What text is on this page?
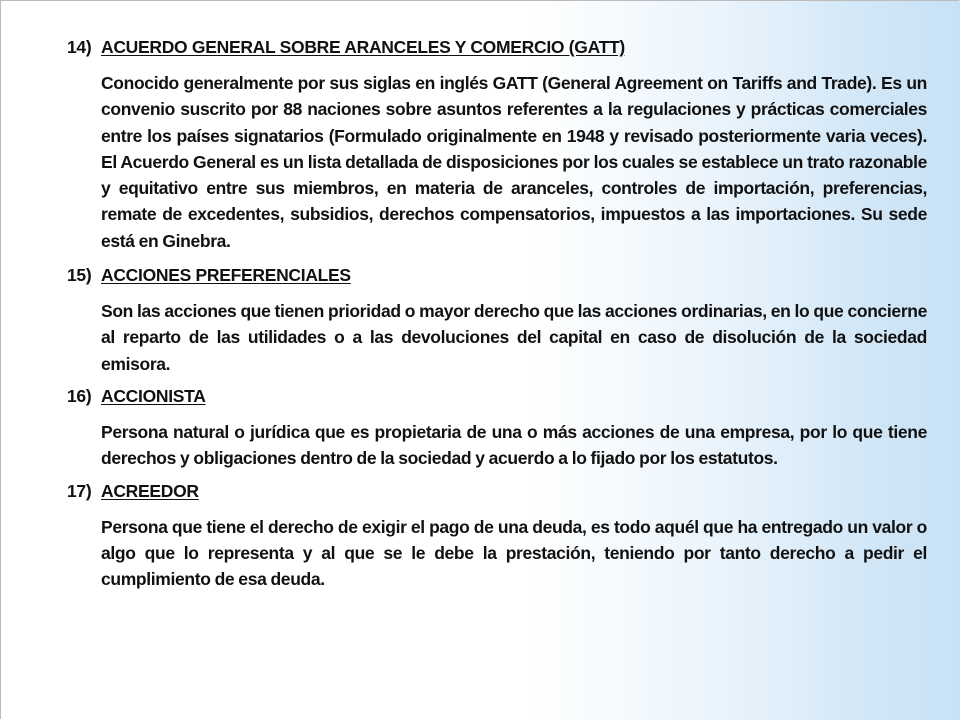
14) ACUERDO GENERAL SOBRE ARANCELES Y COMERCIO (GATT)
Conocido generalmente por sus siglas en inglés GATT (General Agreement on Tariffs and Trade). Es un convenio suscrito por 88 naciones sobre asuntos referentes a la regulaciones y prácticas comerciales entre los países signatarios (Formulado originalmente en 1948 y revisado posteriormente varia veces). El Acuerdo General es un lista detallada de disposiciones por los cuales se establece un trato razonable y equitativo entre sus miembros, en materia de aranceles, controles de importación, preferencias, remate de excedentes, subsidios, derechos compensatorios, impuestos a las importaciones. Su sede está en Ginebra.
15) ACCIONES PREFERENCIALES
Son las acciones que tienen prioridad o mayor derecho que las acciones ordinarias, en lo que concierne al reparto de las utilidades o a las devoluciones del capital en caso de disolución de la sociedad emisora.
16) ACCIONISTA
Persona natural o jurídica que es propietaria de una o más acciones de una empresa, por lo que tiene derechos y obligaciones dentro de la sociedad y acuerdo a lo fijado por los estatutos.
17) ACREEDOR
Persona que tiene el derecho de exigir el pago de una deuda, es todo aquél que ha entregado un valor o algo que lo representa y al que se le debe la prestación, teniendo por tanto derecho a pedir el cumplimiento de esa deuda.
